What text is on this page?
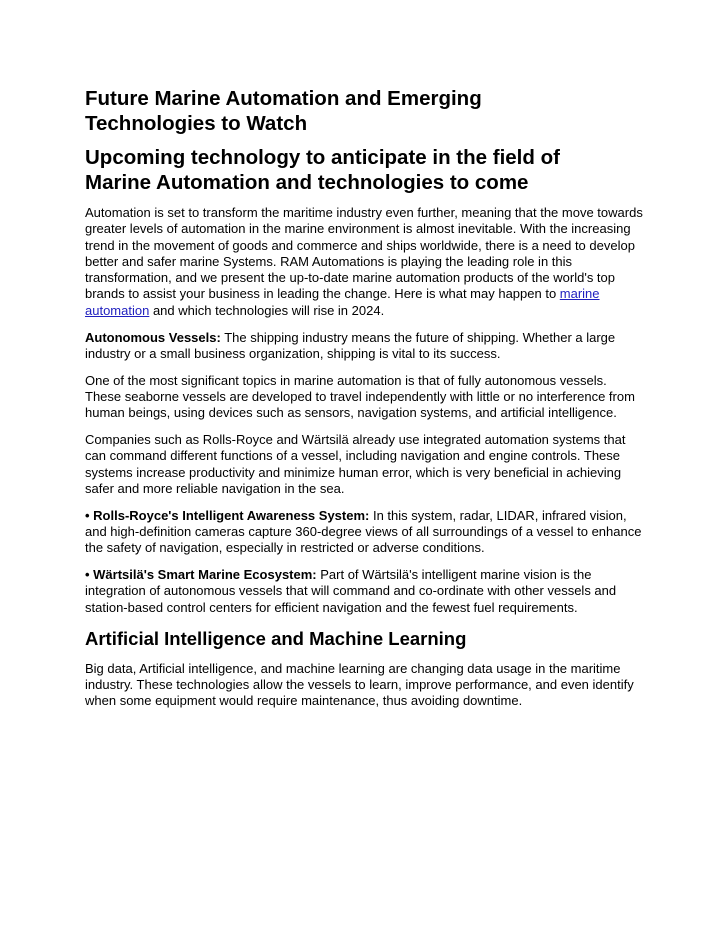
Future Marine Automation and Emerging Technologies to Watch
Upcoming technology to anticipate in the field of Marine Automation and technologies to come

Automation is set to transform the maritime industry even further, meaning that the move towards greater levels of automation in the marine environment is almost inevitable. With the increasing trend in the movement of goods and commerce and ships worldwide, there is a need to develop better and safer marine Systems. RAM Automations is playing the leading role in this transformation, and we present the up-to-date marine automation products of the world's top brands to assist your business in leading the change. Here is what may happen to marine automation and which technologies will rise in 2024.

Autonomous Vessels: The shipping industry means the future of shipping. Whether a large industry or a small business organization, shipping is vital to its success.

One of the most significant topics in marine automation is that of fully autonomous vessels. These seaborne vessels are developed to travel independently with little or no interference from human beings, using devices such as sensors, navigation systems, and artificial intelligence.

Companies such as Rolls-Royce and Wärtsilä already use integrated automation systems that can command different functions of a vessel, including navigation and engine controls. These systems increase productivity and minimize human error, which is very beneficial in achieving safer and more reliable navigation in the sea.

• Rolls-Royce's Intelligent Awareness System: In this system, radar, LIDAR, infrared vision, and high-definition cameras capture 360-degree views of all surroundings of a vessel to enhance the safety of navigation, especially in restricted or adverse conditions.

• Wärtsilä's Smart Marine Ecosystem: Part of Wärtsilä's intelligent marine vision is the integration of autonomous vessels that will command and co-ordinate with other vessels and station-based control centers for efficient navigation and the fewest fuel requirements.

Artificial Intelligence and Machine Learning

Big data, Artificial intelligence, and machine learning are changing data usage in the maritime industry. These technologies allow the vessels to learn, improve performance, and even identify when some equipment would require maintenance, thus avoiding downtime.
